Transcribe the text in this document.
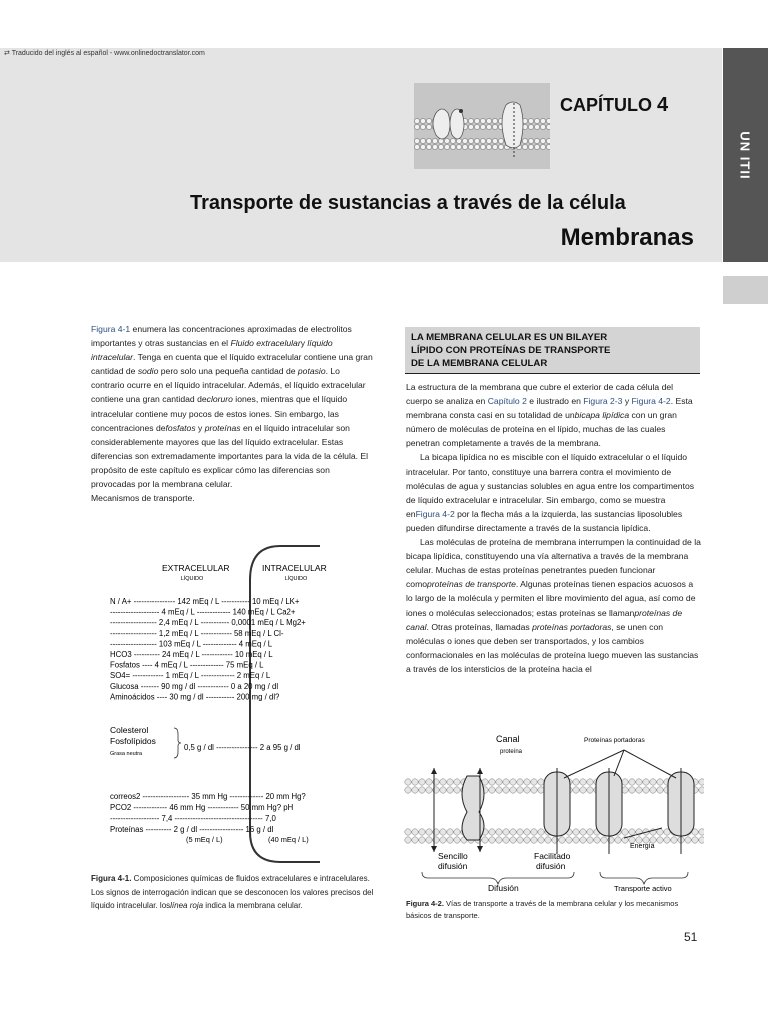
⇄ Traducido del inglés al español - www.onlinedoctranslator.com
UN ITII
CAPÍTULO 4
Transporte de sustancias a través de la célula
Membranas

Figura 4-1 enumera las concentraciones aproximadas de electrolitos importantes y otras sustancias en el Fluido extracelulary líquido intracelular. Tenga en cuenta que el líquido extracelular contiene una gran cantidad de sodio pero solo una pequeña cantidad de potasio. Lo contrario ocurre en el líquido intracelular. Además, el líquido extracelular contiene una gran cantidad decloruro iones, mientras que el líquido intracelular contiene muy pocos de estos iones. Sin embargo, las concentraciones defosfatos y proteínas en el líquido intracelular son considerablemente mayores que las del líquido extracelular. Estas diferencias son extremadamente importantes para la vida de la célula. El propósito de este capítulo es explicar cómo las diferencias son provocadas por la membrana celular.

Mecanismos de transporte.

LA MEMBRANA CELULAR ES UN BILAYER
LÍPIDO CON PROTEÍNAS DE TRANSPORTE
DE LA MEMBRANA CELULAR

La estructura de la membrana que cubre el exterior de cada célula del cuerpo se analiza en Capítulo 2 e ilustrado en Figura 2-3 y Figura 4-2. Esta membrana consta casi en su totalidad de unbicapa lipídica con un gran número de moléculas de proteína en el lípido, muchas de las cuales penetran completamente a través de la membrana.

La bicapa lipídica no es miscible con el líquido extracelular o el líquido intracelular. Por tanto, constituye una barrera contra el movimiento de moléculas de agua y sustancias solubles en agua entre los compartimentos de líquido extracelular e intracelular. Sin embargo, como se muestra enFigura 4-2 por la flecha más a la izquierda, las sustancias liposolubles pueden difundirse directamente a través de la sustancia lipídica.

Las moléculas de proteína de membrana interrumpen la continuidad de la bicapa lipídica, constituyendo una vía alternativa a través de la membrana celular. Muchas de estas proteínas penetrantes pueden funcionar comoproteínas de transporte. Algunas proteínas tienen espacios acuosos a lo largo de la molécula y permiten el libre movimiento del agua, así como de iones o moléculas seleccionados; estas proteínas se llamanproteínas de canal. Otras proteínas, llamadas proteínas portadoras, se unen con moléculas o iones que deben ser transportados, y los cambios conformacionales en las moléculas de proteína luego mueven las sustancias a través de los intersticios de la proteína hacia el

EXTRACELULAR
LÍQUIDO
INTRACELULAR
LÍQUIDO
N / A+ ---------------- 142 mEq / L ----------- 10 mEq / LK+
------------------- 4 mEq / L ------------- 140 mEq / L Ca2+
------------------ 2,4 mEq / L ----------- 0,0001 mEq / L Mg2+
------------------ 1,2 mEq / L ------------ 58 mEq / L Cl-
------------------ 103 mEq / L ------------- 4 mEq / L
HCO3 ---------- 24 mEq / L ------------ 10 mEq / L
Fosfatos ---- 4 mEq / L ------------- 75 mEq / L
SO4= ------------ 1 mEq / L ------------- 2 mEq / L
Glucosa ------- 90 mg / dl ------------ 0 a 20 mg / dl
Aminoácidos ---- 30 mg / dl ----------- 200 mg / dl?
Colesterol
Fosfolípidos
Grasa neutra
0,5 g / dl ---------------- 2 a 95 g / dl
correos2 ------------------ 35 mm Hg ------------- 20 mm Hg?
PCO2 ------------- 46 mm Hg ------------ 50 mm Hg? pH
------------------- 7,4 ---------------------------------- 7,0
Proteínas ---------- 2 g / dl ----------------- 16 g / dl
(5 mEq / L)	(40 mEq / L)
Figura 4-1. Composiciones químicas de fluidos extracelulares e intracelulares. Los signos de interrogación indican que se desconocen los valores precisos del líquido intracelular. loslínea roja indica la membrana celular.
Canal
proteína
Proteínas portadoras
Energía
Sencillo
difusión
Facilitado
difusión
Difusión	Transporte activo
Figura 4-2. Vías de transporte a través de la membrana celular y los mecanismos básicos de transporte.
51
